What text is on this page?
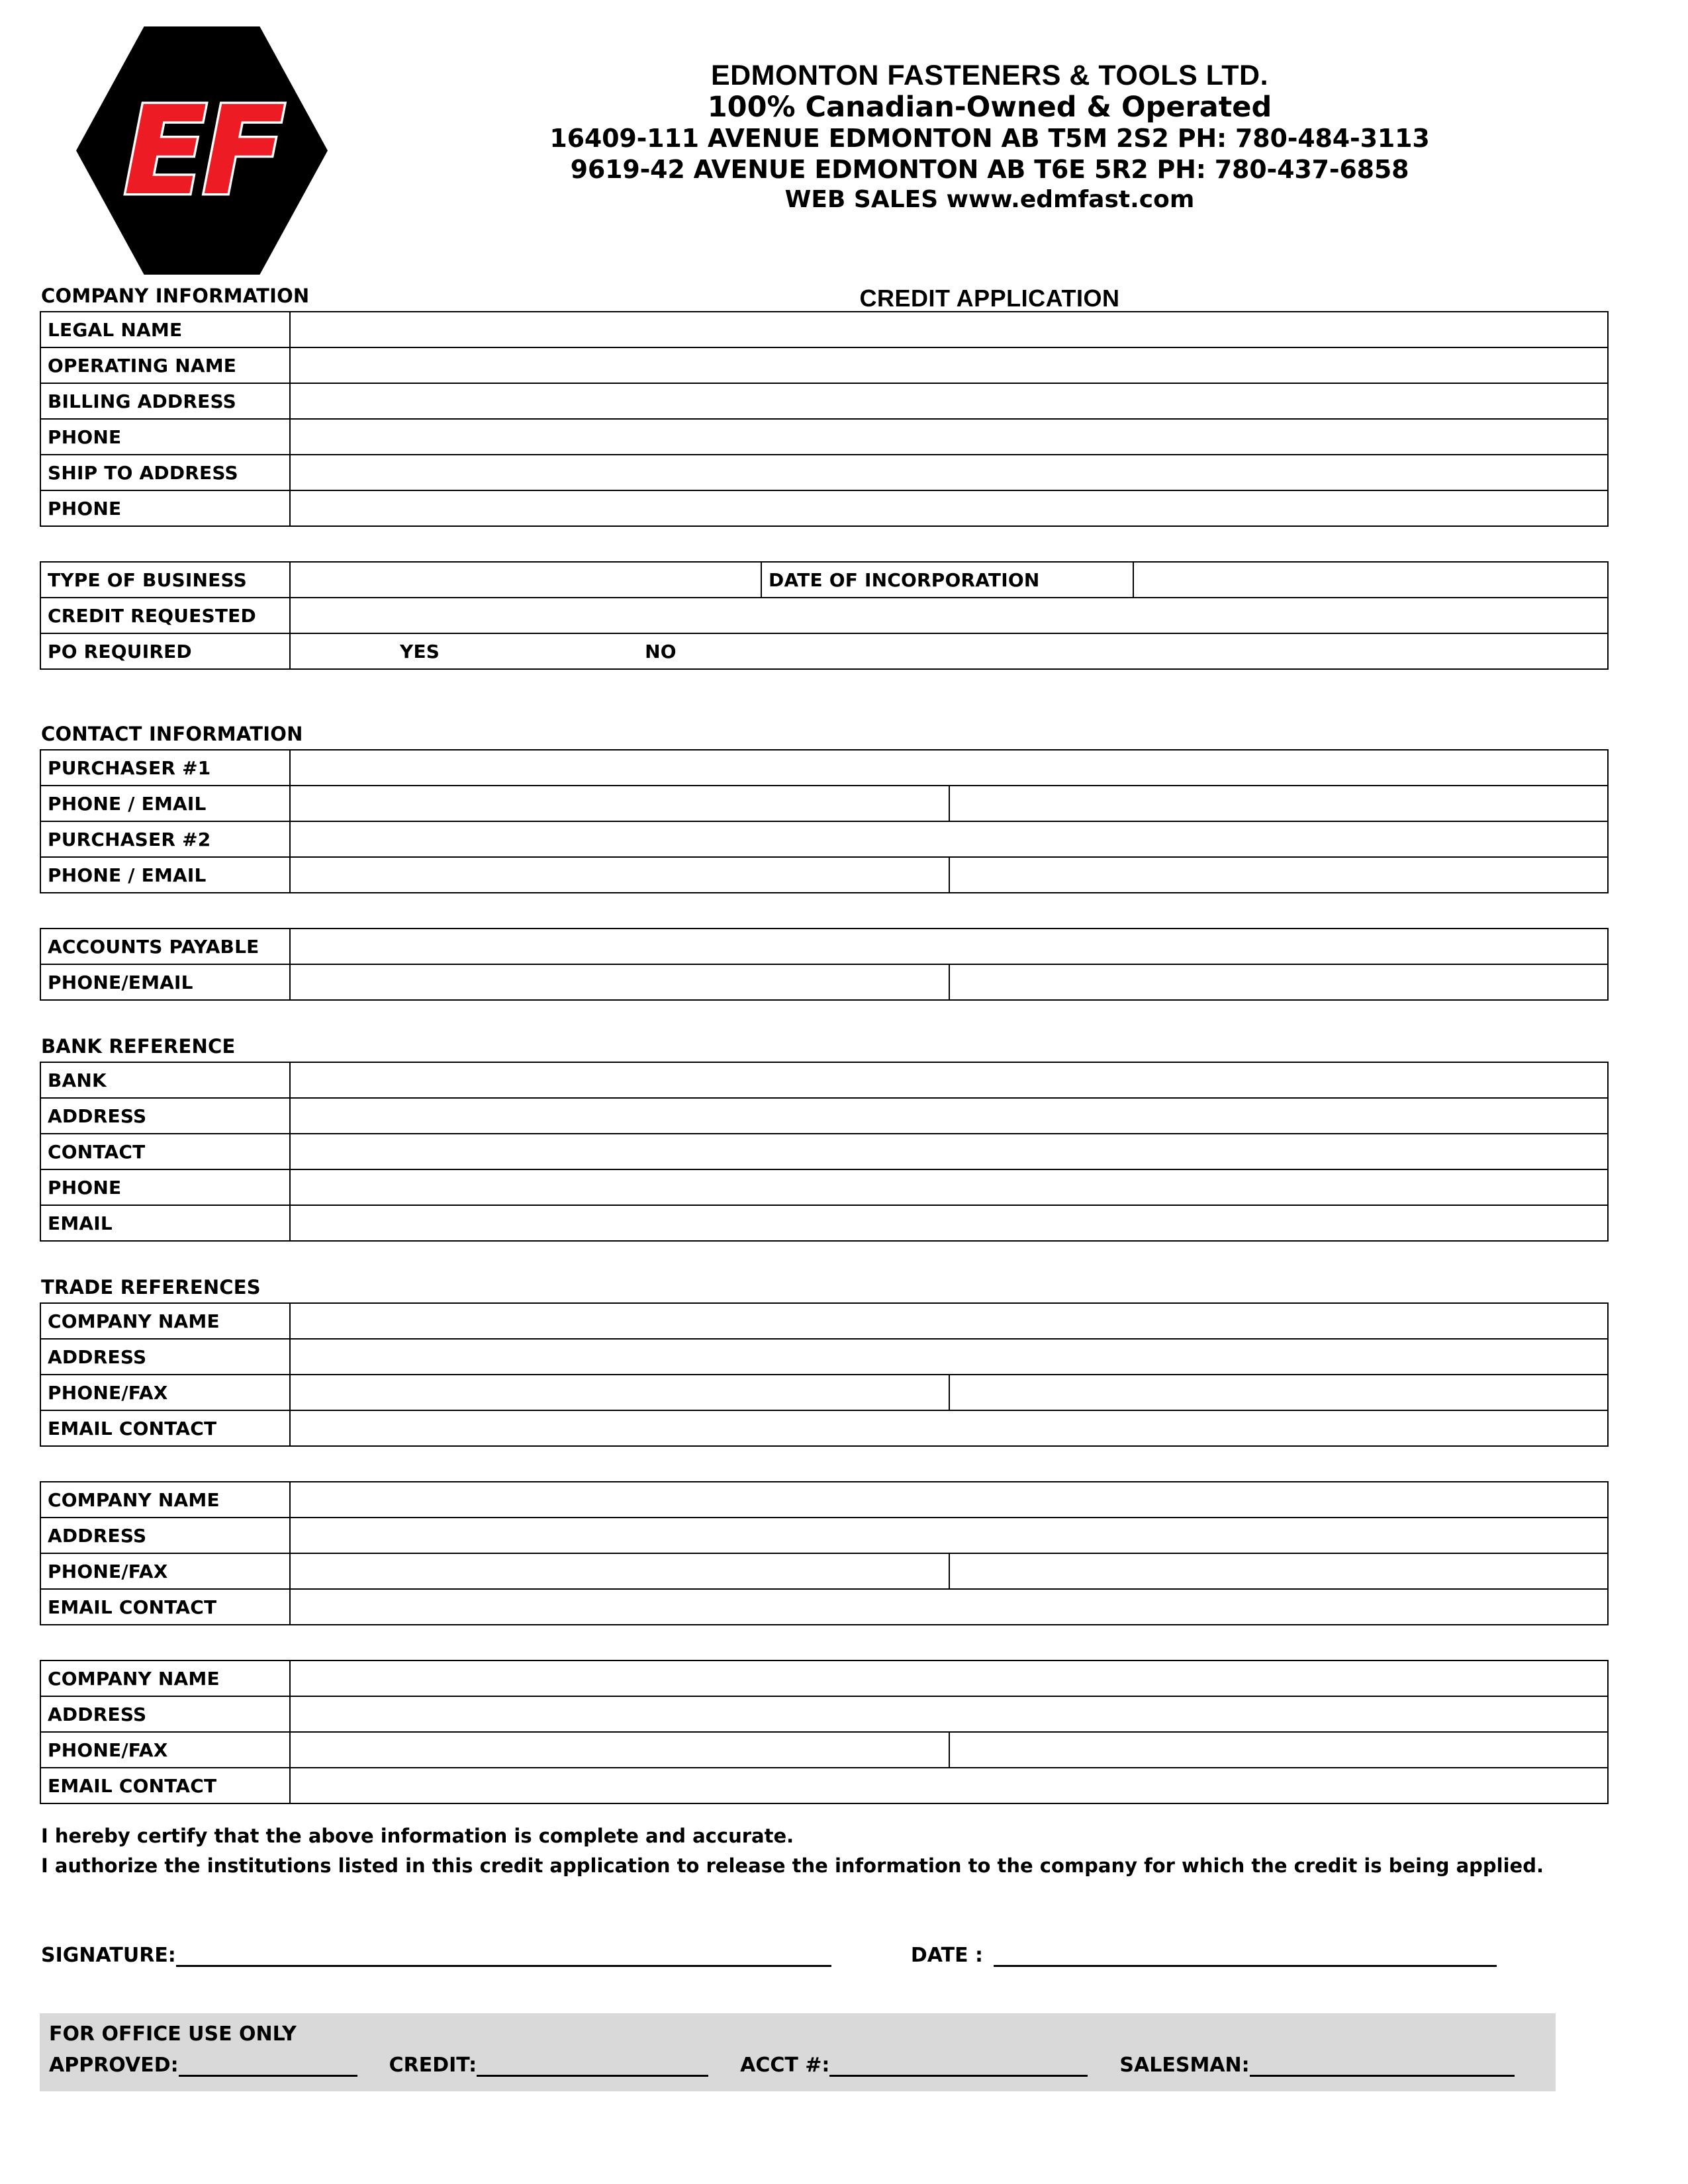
EF
EDMONTON FASTENERS & TOOLS LTD.
100% Canadian-Owned & Operated
16409-111 AVENUE EDMONTON AB T5M 2S2 PH: 780-484-3113
9619-42 AVENUE EDMONTON AB T6E 5R2 PH: 780-437-6858
WEB SALES www.edmfast.com
CREDIT APPLICATION
COMPANY INFORMATION
LEGAL NAME	
OPERATING NAME	
BILLING ADDRESS	
PHONE	
SHIP TO ADDRESS	
PHONE	
TYPE OF BUSINESS		DATE OF INCORPORATION	
CREDIT REQUESTED			
PO REQUIRED	YES NO		
CONTACT INFORMATION
PURCHASER #1		
PHONE / EMAIL		
PURCHASER #2		
PHONE / EMAIL		
ACCOUNTS PAYABLE		
PHONE/EMAIL		
BANK REFERENCE
BANK	
ADDRESS	
CONTACT	
PHONE	
EMAIL	
TRADE REFERENCES
COMPANY NAME		
ADDRESS		
PHONE/FAX		
EMAIL CONTACT		
COMPANY NAME		
ADDRESS		
PHONE/FAX		
EMAIL CONTACT		
COMPANY NAME		
ADDRESS		
PHONE/FAX		
EMAIL CONTACT		
I hereby certify that the above information is complete and accurate.
I authorize the institutions listed in this credit application to release the information to the company for which the credit is being applied.
SIGNATURE:	DATE :
FOR OFFICE USE ONLY
APPROVED:	CREDIT:	ACCT #:	SALESMAN:
